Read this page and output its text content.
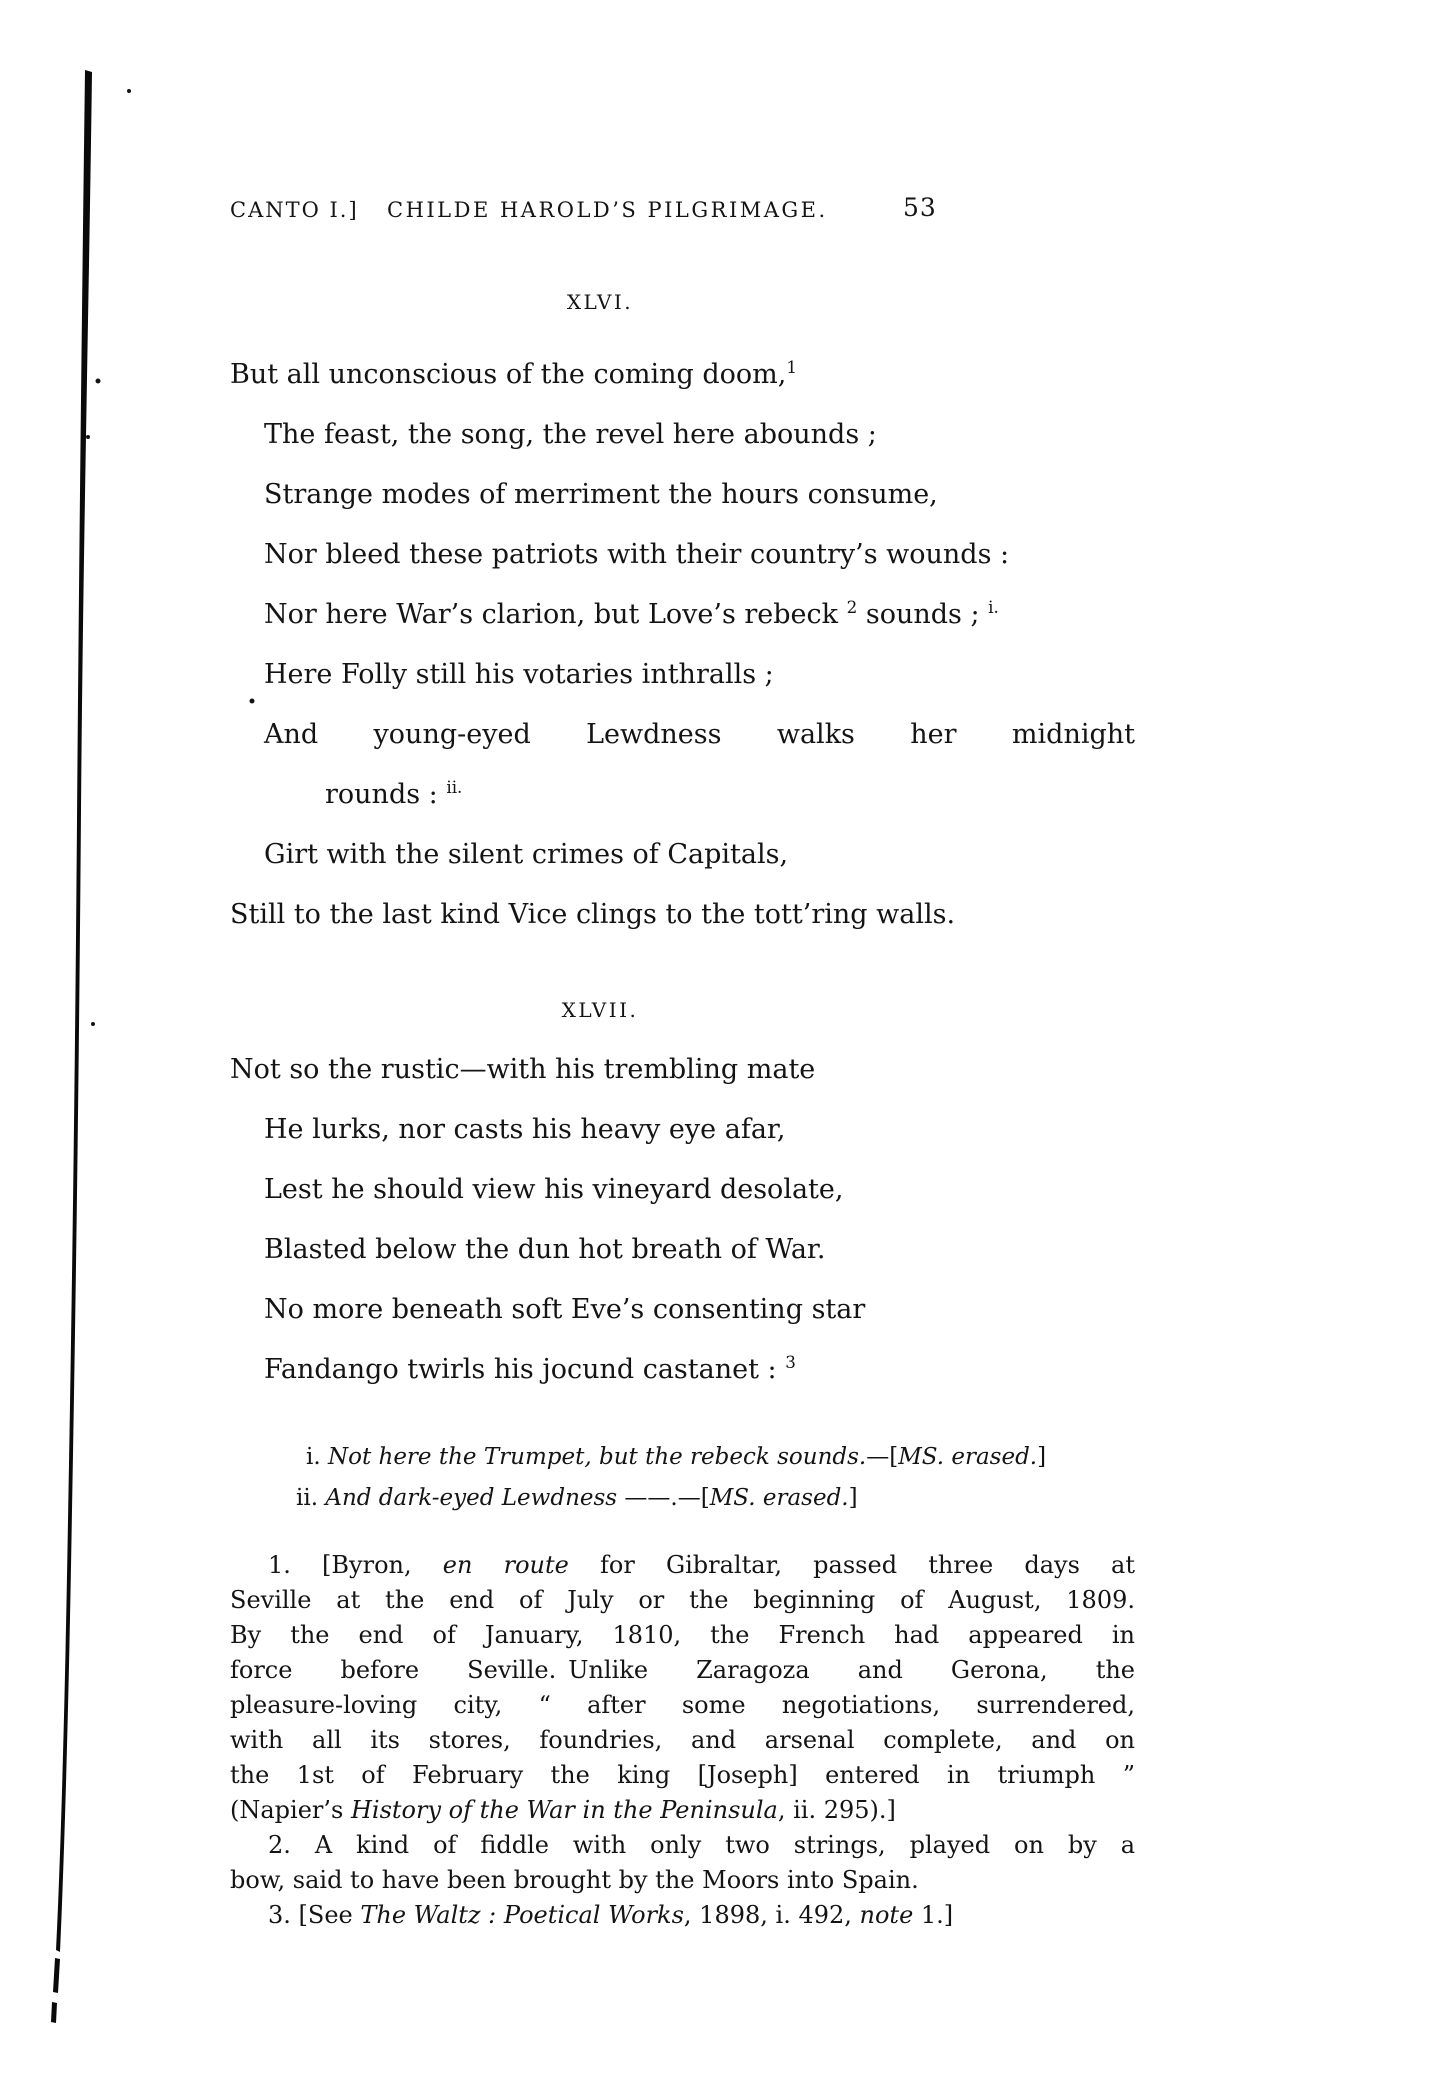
CANTO I.] CHILDE HAROLD’S PILGRIMAGE.	53
XLVI.
But all unconscious of the coming doom,$^1$
The feast, the song, the revel here abounds ;
Strange modes of merriment the hours consume,
Nor bleed these patriots with their country’s wounds :
Nor here War’s clarion, but Love’s rebeck $^2$ sounds ; $^{i.}$
Here Folly still his votaries inthralls ;
And young-eyed Lewdness walks her midnight
rounds : $^{ii.}$
Girt with the silent crimes of Capitals,
Still to the last kind Vice clings to the tott’ring walls.
XLVII.
Not so the rustic—with his trembling mate
He lurks, nor casts his heavy eye afar,
Lest he should view his vineyard desolate,
Blasted below the dun hot breath of War.
No more beneath soft Eve’s consenting star
Fandango twirls his jocund castanet : $^3$
i. Not here the Trumpet, but the rebeck sounds.—[MS. erased.]
ii. And dark-eyed Lewdness ——.—[MS. erased.]
1. [Byron, en route for Gibraltar, passed three days at
Seville at the end of July or the beginning of August, 1809.
By the end of January, 1810, the French had appeared in
force before Seville. Unlike Zaragoza and Gerona, the
pleasure-loving city, “ after some negotiations, surrendered,
with all its stores, foundries, and arsenal complete, and on
the 1st of February the king [Joseph] entered in triumph ”
(Napier’s History of the War in the Peninsula, ii. 295).]
2. A kind of fiddle with only two strings, played on by a
bow, said to have been brought by the Moors into Spain.
3. [See The Waltz : Poetical Works, 1898, i. 492, note 1.]
